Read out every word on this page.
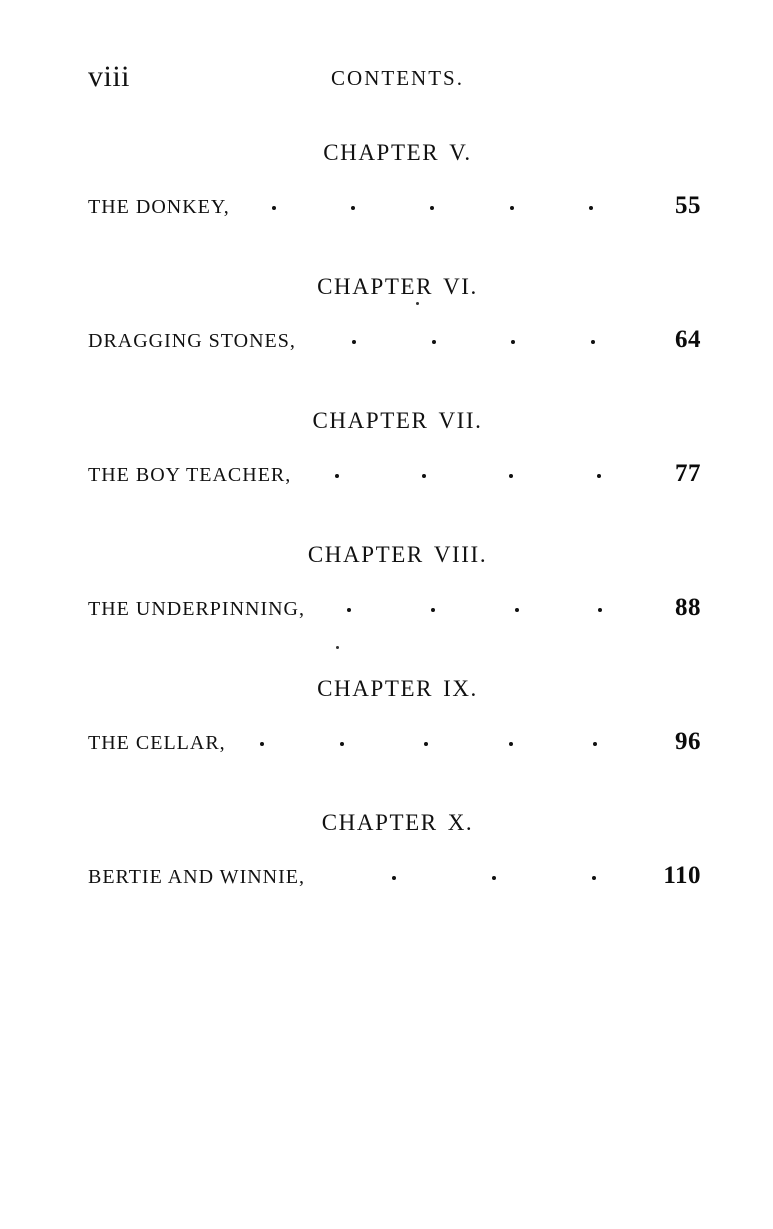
viii	CONTENTS.
CHAPTER V.
THE DONKEY,	55
CHAPTER VI.
DRAGGING STONES,	64
CHAPTER VII.
THE BOY TEACHER,	77
CHAPTER VIII.
THE UNDERPINNING,	88
CHAPTER IX.
THE CELLAR,	96
CHAPTER X.
BERTIE AND WINNIE,	110
